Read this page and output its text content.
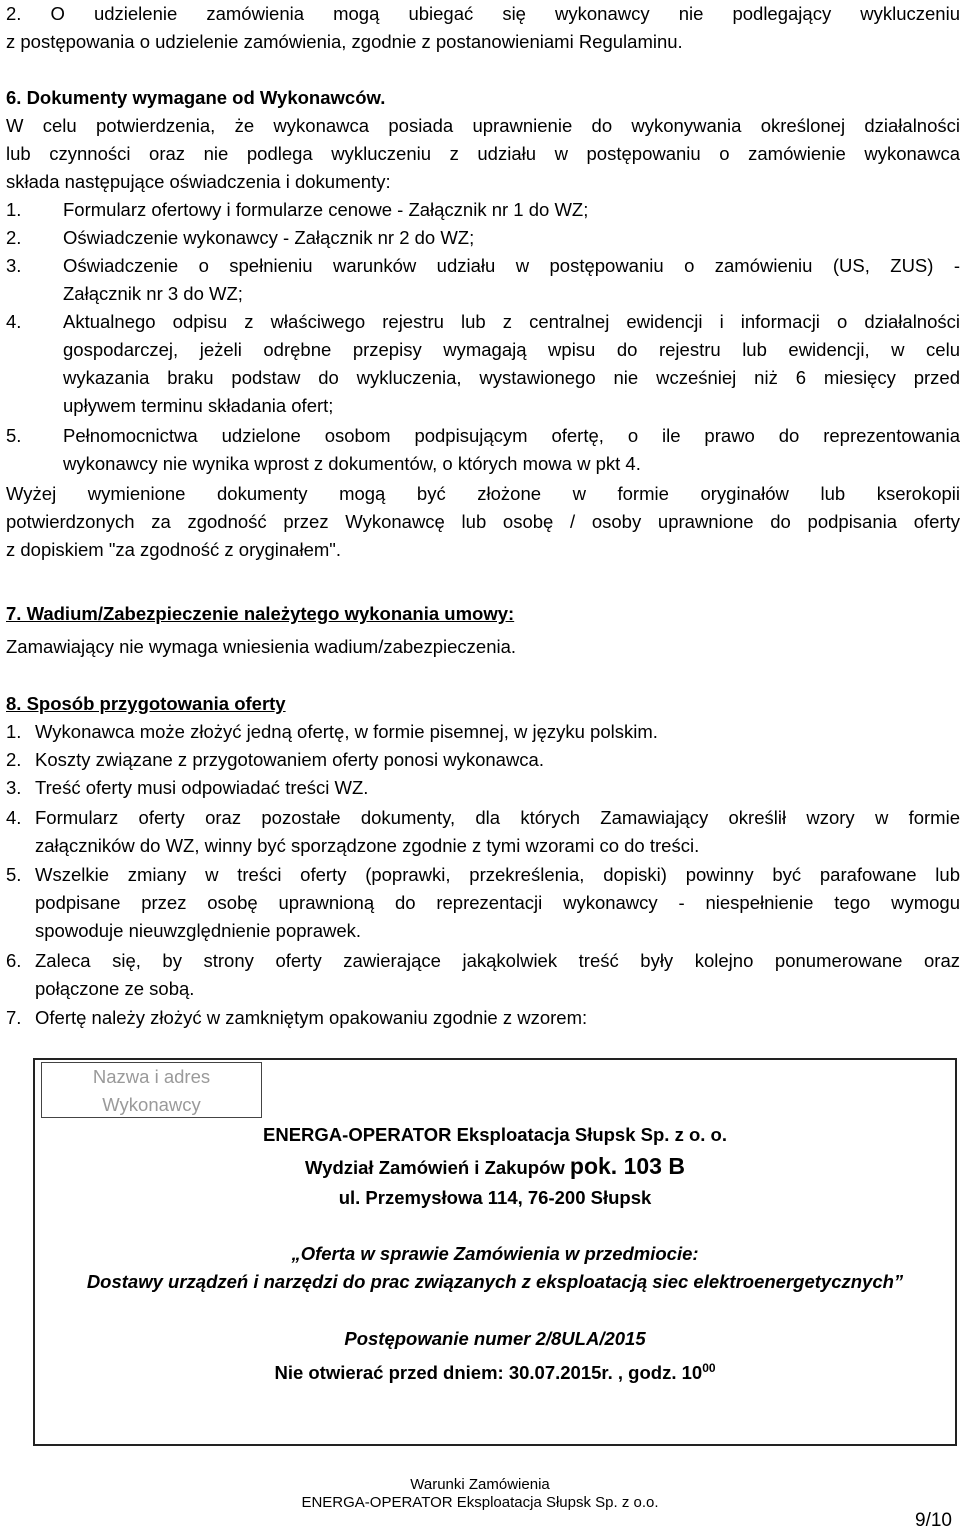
2. O udzielenie zamówienia mogą ubiegać się wykonawcy nie podlegający wykluczeniu
z postępowania o udzielenie zamówienia, zgodnie z postanowieniami Regulaminu.
6. Dokumenty wymagane od Wykonawców.
W celu potwierdzenia, że wykonawca posiada uprawnienie do wykonywania określonej działalności
lub czynności oraz nie podlega wykluczeniu z udziału w postępowaniu o zamówienie wykonawca
składa następujące oświadczenia i dokumenty:
1. Formularz ofertowy i formularze cenowe - Załącznik nr 1 do WZ;
2. Oświadczenie wykonawcy - Załącznik nr 2 do WZ;
3. Oświadczenie o spełnieniu warunków udziału w postępowaniu o zamówieniu (US, ZUS) -
Załącznik nr 3 do WZ;
4. Aktualnego odpisu z właściwego rejestru lub z centralnej ewidencji i informacji o działalności
gospodarczej, jeżeli odrębne przepisy wymagają wpisu do rejestru lub ewidencji, w celu
wykazania braku podstaw do wykluczenia, wystawionego nie wcześniej niż 6 miesięcy przed
upływem terminu składania ofert;
5. Pełnomocnictwa udzielone osobom podpisującym ofertę, o ile prawo do reprezentowania
wykonawcy nie wynika wprost z dokumentów, o których mowa w pkt 4.
Wyżej wymienione dokumenty mogą być złożone w formie oryginałów lub kserokopii
potwierdzonych za zgodność przez Wykonawcę lub osobę / osoby uprawnione do podpisania oferty
z dopiskiem "za zgodność z oryginałem".
7. Wadium/Zabezpieczenie należytego wykonania umowy:
Zamawiający nie wymaga wniesienia wadium/zabezpieczenia.
8. Sposób przygotowania oferty
1. Wykonawca może złożyć jedną ofertę, w formie pisemnej, w języku polskim.
2. Koszty związane z przygotowaniem oferty ponosi wykonawca.
3. Treść oferty musi odpowiadać treści WZ.
4. Formularz oferty oraz pozostałe dokumenty, dla których Zamawiający określił wzory w formie
załączników do WZ, winny być sporządzone zgodnie z tymi wzorami co do treści.
5. Wszelkie zmiany w treści oferty (poprawki, przekreślenia, dopiski) powinny być parafowane lub
podpisane przez osobę uprawnioną do reprezentacji wykonawcy - niespełnienie tego wymogu
spowoduje nieuwzględnienie poprawek.
6. Zaleca się, by strony oferty zawierające jakąkolwiek treść były kolejno ponumerowane oraz
połączone ze sobą.
7. Ofertę należy złożyć w zamkniętym opakowaniu zgodnie z wzorem:
Nazwa i adres
Wykonawcy
ENERGA-OPERATOR Eksploatacja Słupsk Sp. z o. o.
Wydział Zamówień i Zakupów pok. 103 B
ul. Przemysłowa 114, 76-200 Słupsk
„Oferta w sprawie Zamówienia w przedmiocie:
Dostawy urządzeń i narzędzi do prac związanych z eksploatacją siec elektroenergetycznych”
Postępowanie numer 2/8ULA/2015
Nie otwierać przed dniem: 30.07.2015r. , godz. $10^{00}$
Warunki Zamówienia
ENERGA-OPERATOR Eksploatacja Słupsk Sp. z o.o.
9/10
